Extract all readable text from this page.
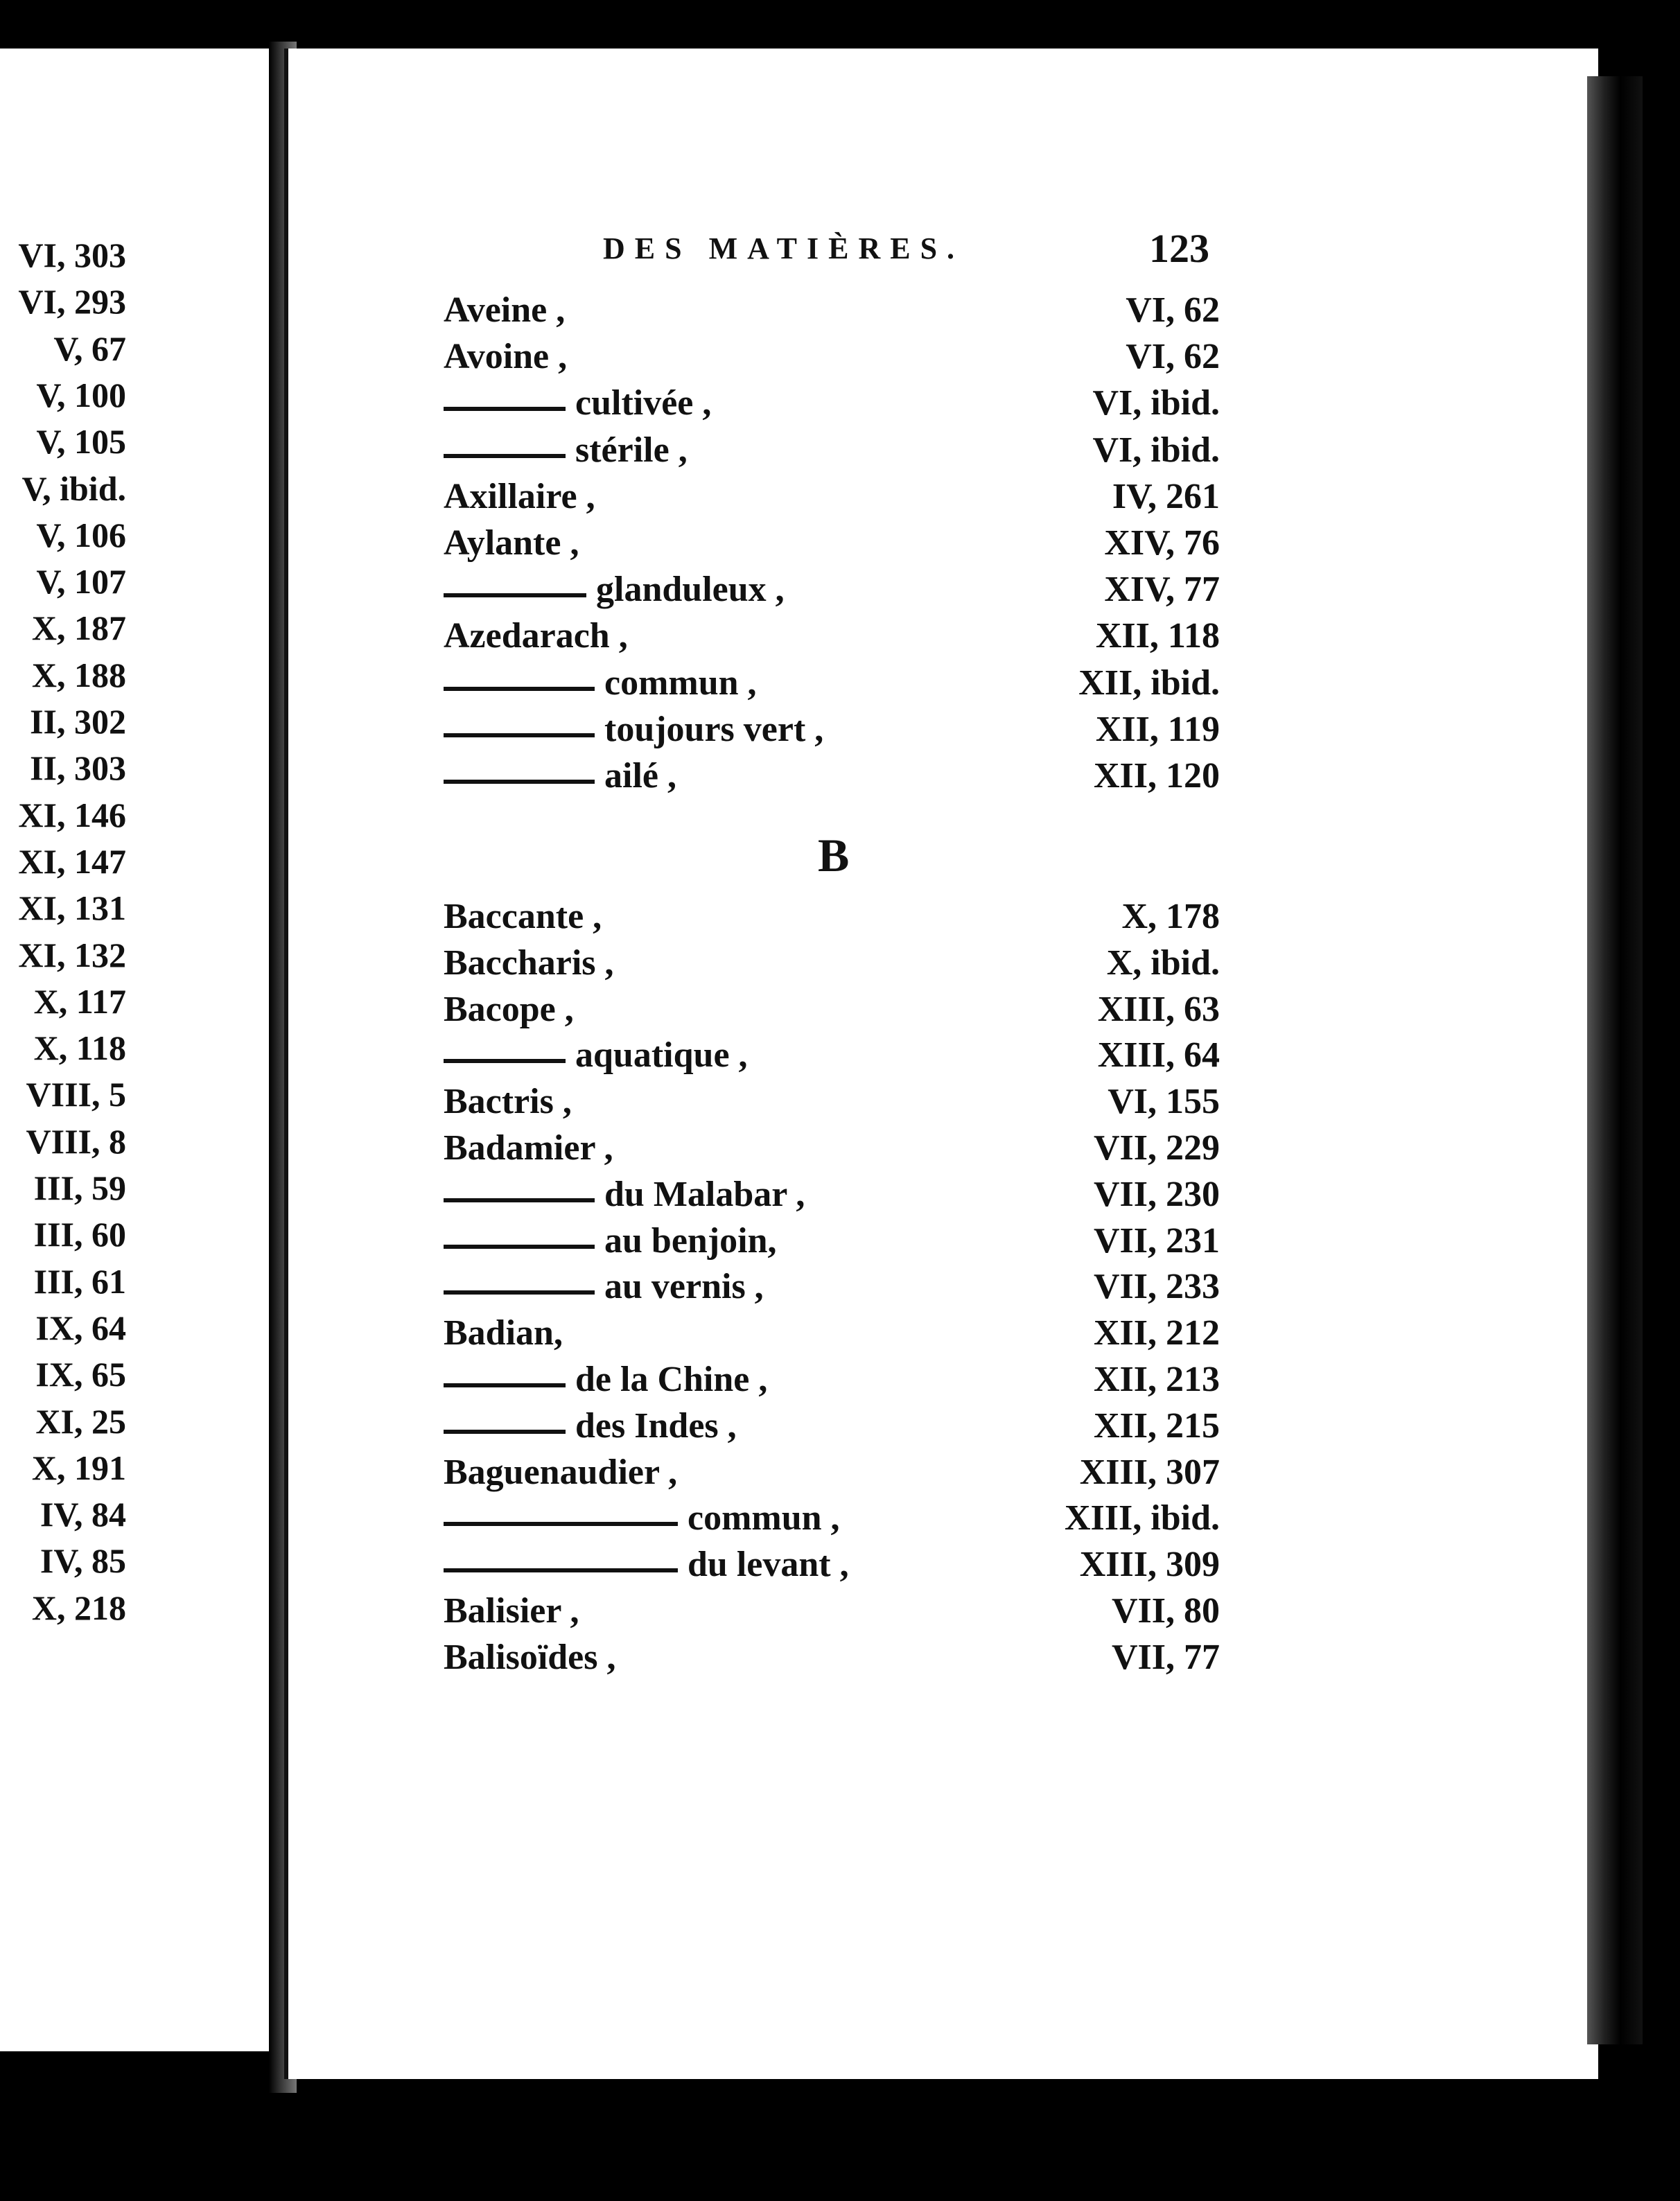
VI, 303
VI, 293
V, 67
V, 100
V, 105
V, ibid.
V, 106
V, 107
X, 187
X, 188
II, 302
II, 303
XI, 146
XI, 147
XI, 131
XI, 132
X, 117
X, 118
VIII, 5
VIII, 8
III, 59
III, 60
III, 61
IX, 64
IX, 65
XI, 25
X, 191
IV, 84
IV, 85
X, 218
DES MATIÈRES.	123
Aveine ,	VI, 62
Avoine ,	VI, 62
cultivée ,	VI, ibid.
stérile ,	VI, ibid.
Axillaire ,	IV, 261
Aylante ,	XIV, 76
glanduleux ,	XIV, 77
Azedarach ,	XII, 118
commun ,	XII, ibid.
toujours vert ,	XII, 119
ailé ,	XII, 120
B
Baccante ,	X, 178
Baccharis ,	X, ibid.
Bacope ,	XIII, 63
aquatique ,	XIII, 64
Bactris ,	VI, 155
Badamier ,	VII, 229
du Malabar ,	VII, 230
au benjoin,	VII, 231
au vernis ,	VII, 233
Badian,	XII, 212
de la Chine ,	XII, 213
des Indes ,	XII, 215
Baguenaudier ,	XIII, 307
commun ,	XIII, ibid.
du levant ,	XIII, 309
Balisier ,	VII, 80
Balisoïdes ,	VII, 77
